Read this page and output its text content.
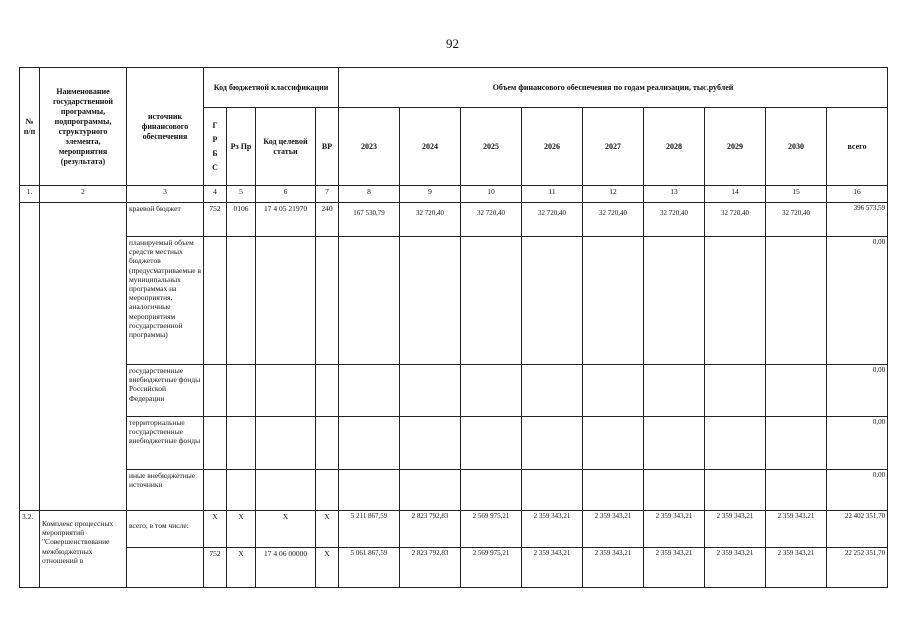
92
№ п/п	Наименование государственной программы, подпрограммы, структурного элемента, мероприятия (результата)	источник финансового обеспечения	Код бюджетной классификации				Объем финансового обеспечения по годам реализации, тыс.рублей								
			Г
Р
Б
С	Рз Пр	Код целевой статьи	ВР	2023	2024	2025	2026	2027	2028	2029	2030	всего
1.	2	3	4	5	6	7	8	9	10	11	12	13	14	15	16
		краевой бюджет	752	0106	17 4 05 21970	240	167 530,79	32 720,40	32 720,40	32 720,40	32 720,40	32 720,40	32 720,40	32 720,40	396 573,59
		планируемый объем средств местных бюджетов (предусматриваемые в муниципальных программах на мероприятия, аналогичные мероприятиям государственной программы)													0,00
		государственные внебюджетные фонды Российской Федерации													0,00
		территориальные государственные внебюджетные фонды													0,00
		иные внебюджетные источники													0,00
3.2.	Комплекс процессных мероприятий "Совершенствование межбюджетных отношений в	всего, в том числе:	X	X	X	X	5 211 867,59	2 823 792,83	2 569 975,21	2 359 343,21	2 359 343,21	2 359 343,21	2 359 343,21	2 359 343,21	22 402 351,70
			752	X	17 4 06 00000	X	5 061 867,59	2 823 792,83	2 569 975,21	2 359 343,21	2 359 343,21	2 359 343,21	2 359 343,21	2 359 343,21	22 252 351,70
